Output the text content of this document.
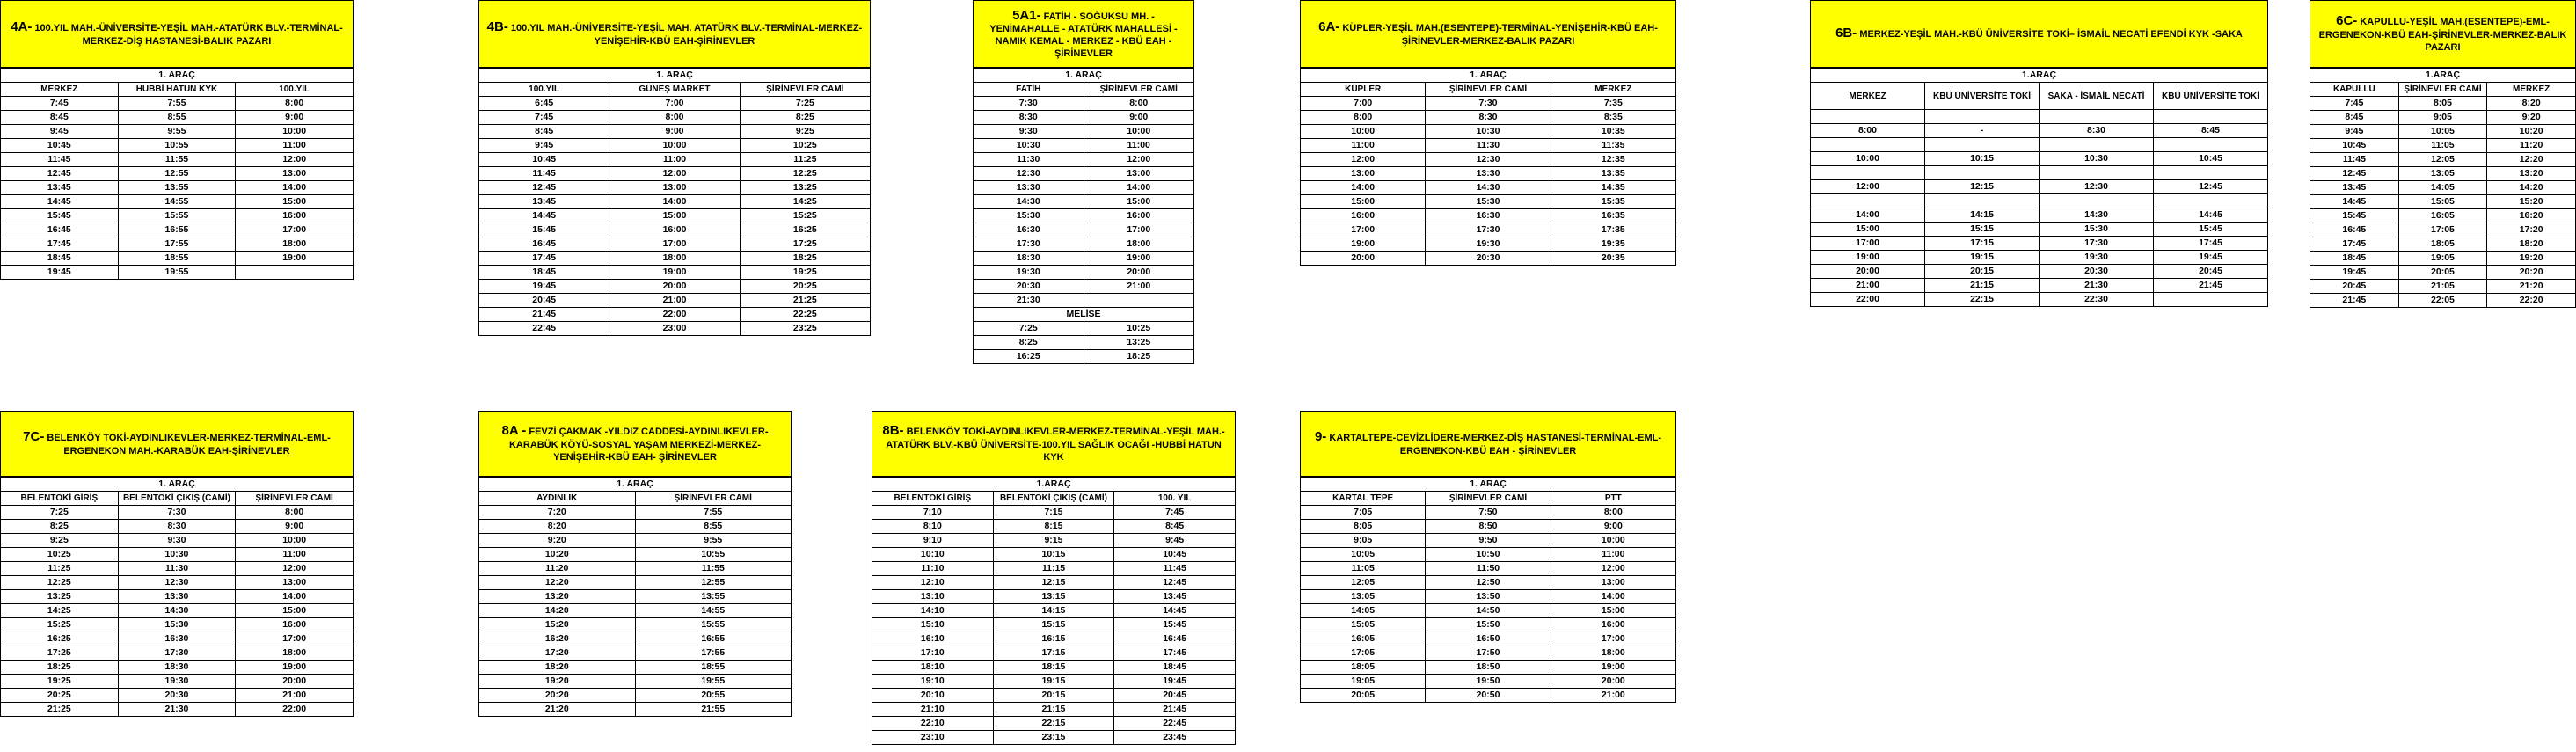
4A- 100.YIL MAH.-ÜNİVERSİTE-YEŞİL MAH.-ATATÜRK BLV.-TERMİNAL-MERKEZ-DİŞ HASTANESİ-BALIK PAZARI
1. ARAÇ		
MERKEZ	HUBBİ HATUN KYK	100.YIL
7:45	7:55	8:00
8:45	8:55	9:00
9:45	9:55	10:00
10:45	10:55	11:00
11:45	11:55	12:00
12:45	12:55	13:00
13:45	13:55	14:00
14:45	14:55	15:00
15:45	15:55	16:00
16:45	16:55	17:00
17:45	17:55	18:00
18:45	18:55	19:00
19:45	19:55	
4B- 100.YIL MAH.-ÜNİVERSİTE-YEŞİL MAH. ATATÜRK BLV.-TERMİNAL-MERKEZ-YENİŞEHİR-KBÜ EAH-ŞİRİNEVLER
1. ARAÇ		
100.YIL	GÜNEŞ MARKET	ŞİRİNEVLER CAMİ
6:45	7:00	7:25
7:45	8:00	8:25
8:45	9:00	9:25
9:45	10:00	10:25
10:45	11:00	11:25
11:45	12:00	12:25
12:45	13:00	13:25
13:45	14:00	14:25
14:45	15:00	15:25
15:45	16:00	16:25
16:45	17:00	17:25
17:45	18:00	18:25
18:45	19:00	19:25
19:45	20:00	20:25
20:45	21:00	21:25
21:45	22:00	22:25
22:45	23:00	23:25
5A1- FATİH - SOĞUKSU MH. - YENİMAHALLE - ATATÜRK MAHALLESİ - NAMIK KEMAL - MERKEZ - KBÜ EAH - ŞİRİNEVLER
1. ARAÇ	
FATİH	ŞİRİNEVLER CAMİ
7:30	8:00
8:30	9:00
9:30	10:00
10:30	11:00
11:30	12:00
12:30	13:00
13:30	14:00
14:30	15:00
15:30	16:00
16:30	17:00
17:30	18:00
18:30	19:00
19:30	20:00
20:30	21:00
21:30	
MELİSE	
7:25	10:25
8:25	13:25
16:25	18:25
6A- KÜPLER-YEŞİL MAH.(ESENTEPE)-TERMİNAL-YENİŞEHİR-KBÜ EAH-ŞİRİNEVLER-MERKEZ-BALIK PAZARI
1. ARAÇ		
KÜPLER	ŞİRİNEVLER CAMİ	MERKEZ
7:00	7:30	7:35
8:00	8:30	8:35
10:00	10:30	10:35
11:00	11:30	11:35
12:00	12:30	12:35
13:00	13:30	13:35
14:00	14:30	14:35
15:00	15:30	15:35
16:00	16:30	16:35
17:00	17:30	17:35
19:00	19:30	19:35
20:00	20:30	20:35
6B- MERKEZ-YEŞİL MAH.-KBÜ ÜNİVERSİTE TOKİ– İSMAİL NECATİ EFENDİ KYK -SAKA
1.ARAÇ			
MERKEZ	KBÜ ÜNİVERSİTE TOKİ	SAKA - İSMAİL NECATİ	KBÜ ÜNİVERSİTE TOKİ

8:00	-	8:30	8:45

10:00	10:15	10:30	10:45

12:00	12:15	12:30	12:45

14:00	14:15	14:30	14:45
15:00	15:15	15:30	15:45
17:00	17:15	17:30	17:45
19:00	19:15	19:30	19:45
20:00	20:15	20:30	20:45
21:00	21:15	21:30	21:45
22:00	22:15	22:30	
6C- KAPULLU-YEŞİL MAH.(ESENTEPE)-EML-ERGENEKON-KBÜ EAH-ŞİRİNEVLER-MERKEZ-BALIK PAZARI
1.ARAÇ		
KAPULLU	ŞİRİNEVLER CAMİ	MERKEZ
7:45	8:05	8:20
8:45	9:05	9:20
9:45	10:05	10:20
10:45	11:05	11:20
11:45	12:05	12:20
12:45	13:05	13:20
13:45	14:05	14:20
14:45	15:05	15:20
15:45	16:05	16:20
16:45	17:05	17:20
17:45	18:05	18:20
18:45	19:05	19:20
19:45	20:05	20:20
20:45	21:05	21:20
21:45	22:05	22:20
7C- BELENKÖY TOKİ-AYDINLIKEVLER-MERKEZ-TERMİNAL-EML-ERGENEKON MAH.-KARABÜK EAH-ŞİRİNEVLER
1. ARAÇ		
BELENTOKİ GİRİŞ	BELENTOKİ ÇIKIŞ (CAMİ)	ŞİRİNEVLER CAMİ
7:25	7:30	8:00
8:25	8:30	9:00
9:25	9:30	10:00
10:25	10:30	11:00
11:25	11:30	12:00
12:25	12:30	13:00
13:25	13:30	14:00
14:25	14:30	15:00
15:25	15:30	16:00
16:25	16:30	17:00
17:25	17:30	18:00
18:25	18:30	19:00
19:25	19:30	20:00
20:25	20:30	21:00
21:25	21:30	22:00
8A - FEVZİ ÇAKMAK -YILDIZ CADDESİ-AYDINLIKEVLER-KARABÜK KÖYÜ-SOSYAL YAŞAM MERKEZİ-MERKEZ-YENİŞEHİR-KBÜ EAH- ŞİRİNEVLER
1. ARAÇ	
AYDINLIK	ŞİRİNEVLER CAMİ
7:20	7:55
8:20	8:55
9:20	9:55
10:20	10:55
11:20	11:55
12:20	12:55
13:20	13:55
14:20	14:55
15:20	15:55
16:20	16:55
17:20	17:55
18:20	18:55
19:20	19:55
20:20	20:55
21:20	21:55
8B- BELENKÖY TOKİ-AYDINLIKEVLER-MERKEZ-TERMİNAL-YEŞİL MAH.-ATATÜRK BLV.-KBÜ ÜNİVERSİTE-100.YIL SAĞLIK OCAĞI -HUBBİ HATUN KYK
1.ARAÇ		
BELENTOKİ GİRİŞ	BELENTOKİ ÇIKIŞ (CAMİ)	100. YIL
7:10	7:15	7:45
8:10	8:15	8:45
9:10	9:15	9:45
10:10	10:15	10:45
11:10	11:15	11:45
12:10	12:15	12:45
13:10	13:15	13:45
14:10	14:15	14:45
15:10	15:15	15:45
16:10	16:15	16:45
17:10	17:15	17:45
18:10	18:15	18:45
19:10	19:15	19:45
20:10	20:15	20:45
21:10	21:15	21:45
22:10	22:15	22:45
23:10	23:15	23:45
9- KARTALTEPE-CEVİZLİDERE-MERKEZ-DİŞ HASTANESİ-TERMİNAL-EML-ERGENEKON-KBÜ EAH - ŞİRİNEVLER
1. ARAÇ		
KARTAL TEPE	ŞİRİNEVLER CAMİ	PTT
7:05	7:50	8:00
8:05	8:50	9:00
9:05	9:50	10:00
10:05	10:50	11:00
11:05	11:50	12:00
12:05	12:50	13:00
13:05	13:50	14:00
14:05	14:50	15:00
15:05	15:50	16:00
16:05	16:50	17:00
17:05	17:50	18:00
18:05	18:50	19:00
19:05	19:50	20:00
20:05	20:50	21:00
